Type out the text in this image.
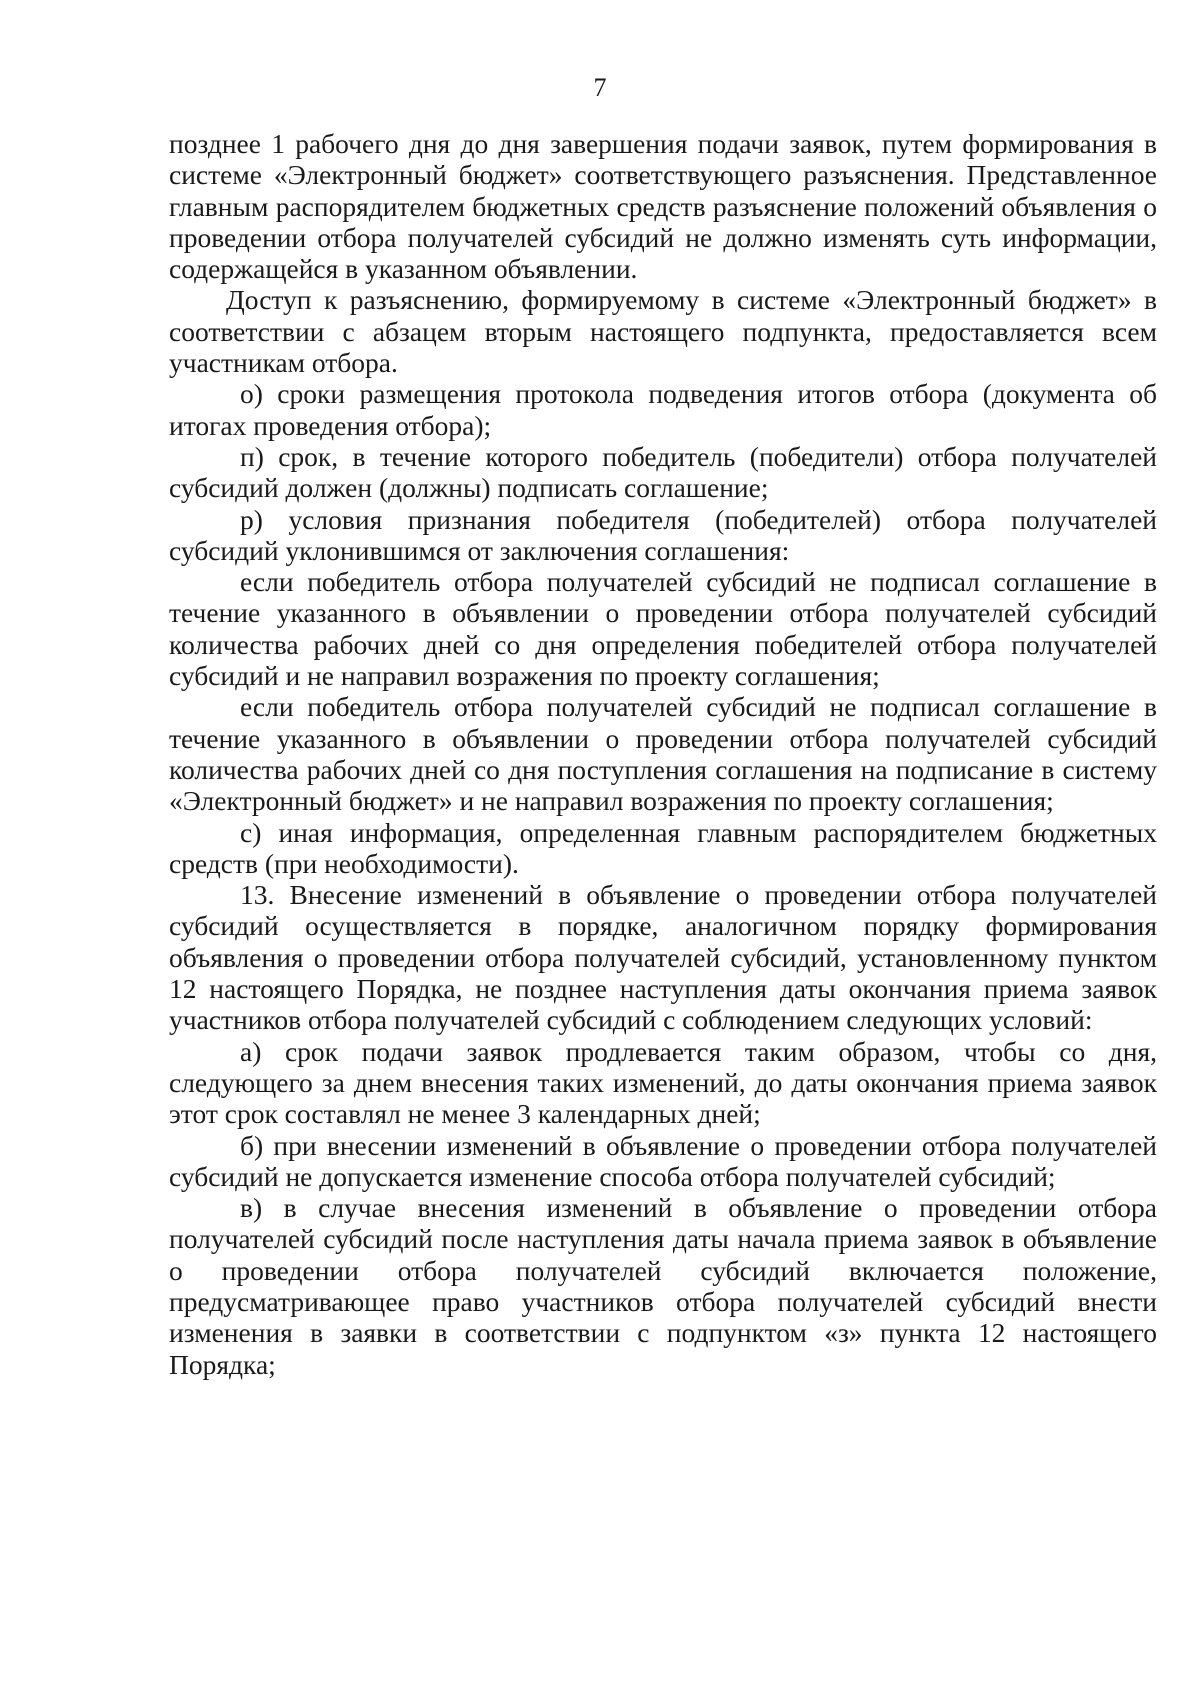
7

позднее 1 рабочего дня до дня завершения подачи заявок, путем формирования в системе «Электронный бюджет» соответствующего разъяснения. Представленное главным распорядителем бюджетных средств разъяснение положений объявления о проведении отбора получателей субсидий не должно изменять суть информации, содержащейся в указанном объявлении.

Доступ к разъяснению, формируемому в системе «Электронный бюджет» в соответствии с абзацем вторым настоящего подпункта, предоставляется всем участникам отбора.

о) сроки размещения протокола подведения итогов отбора (документа об итогах проведения отбора);

п) срок, в течение которого победитель (победители) отбора получателей субсидий должен (должны) подписать соглашение;

р) условия признания победителя (победителей) отбора получателей субсидий уклонившимся от заключения соглашения:

если победитель отбора получателей субсидий не подписал соглашение в течение указанного в объявлении о проведении отбора получателей субсидий количества рабочих дней со дня определения победителей отбора получателей субсидий и не направил возражения по проекту соглашения;

если победитель отбора получателей субсидий не подписал соглашение в течение указанного в объявлении о проведении отбора получателей субсидий количества рабочих дней со дня поступления соглашения на подписание в систему «Электронный бюджет» и не направил возражения по проекту соглашения;

с) иная информация, определенная главным распорядителем бюджетных средств (при необходимости).

13. Внесение изменений в объявление о проведении отбора получателей субсидий осуществляется в порядке, аналогичном порядку формирования объявления о проведении отбора получателей субсидий, установленному пунктом 12 настоящего Порядка, не позднее наступления даты окончания приема заявок участников отбора получателей субсидий с соблюдением следующих условий:

а) срок подачи заявок продлевается таким образом, чтобы со дня, следующего за днем внесения таких изменений, до даты окончания приема заявок этот срок составлял не менее 3 календарных дней;

б) при внесении изменений в объявление о проведении отбора получателей субсидий не допускается изменение способа отбора получателей субсидий;

в) в случае внесения изменений в объявление о проведении отбора получателей субсидий после наступления даты начала приема заявок в объявление о проведении отбора получателей субсидий включается положение, предусматривающее право участников отбора получателей субсидий внести изменения в заявки в соответствии с подпунктом «з» пункта 12 настоящего Порядка;
